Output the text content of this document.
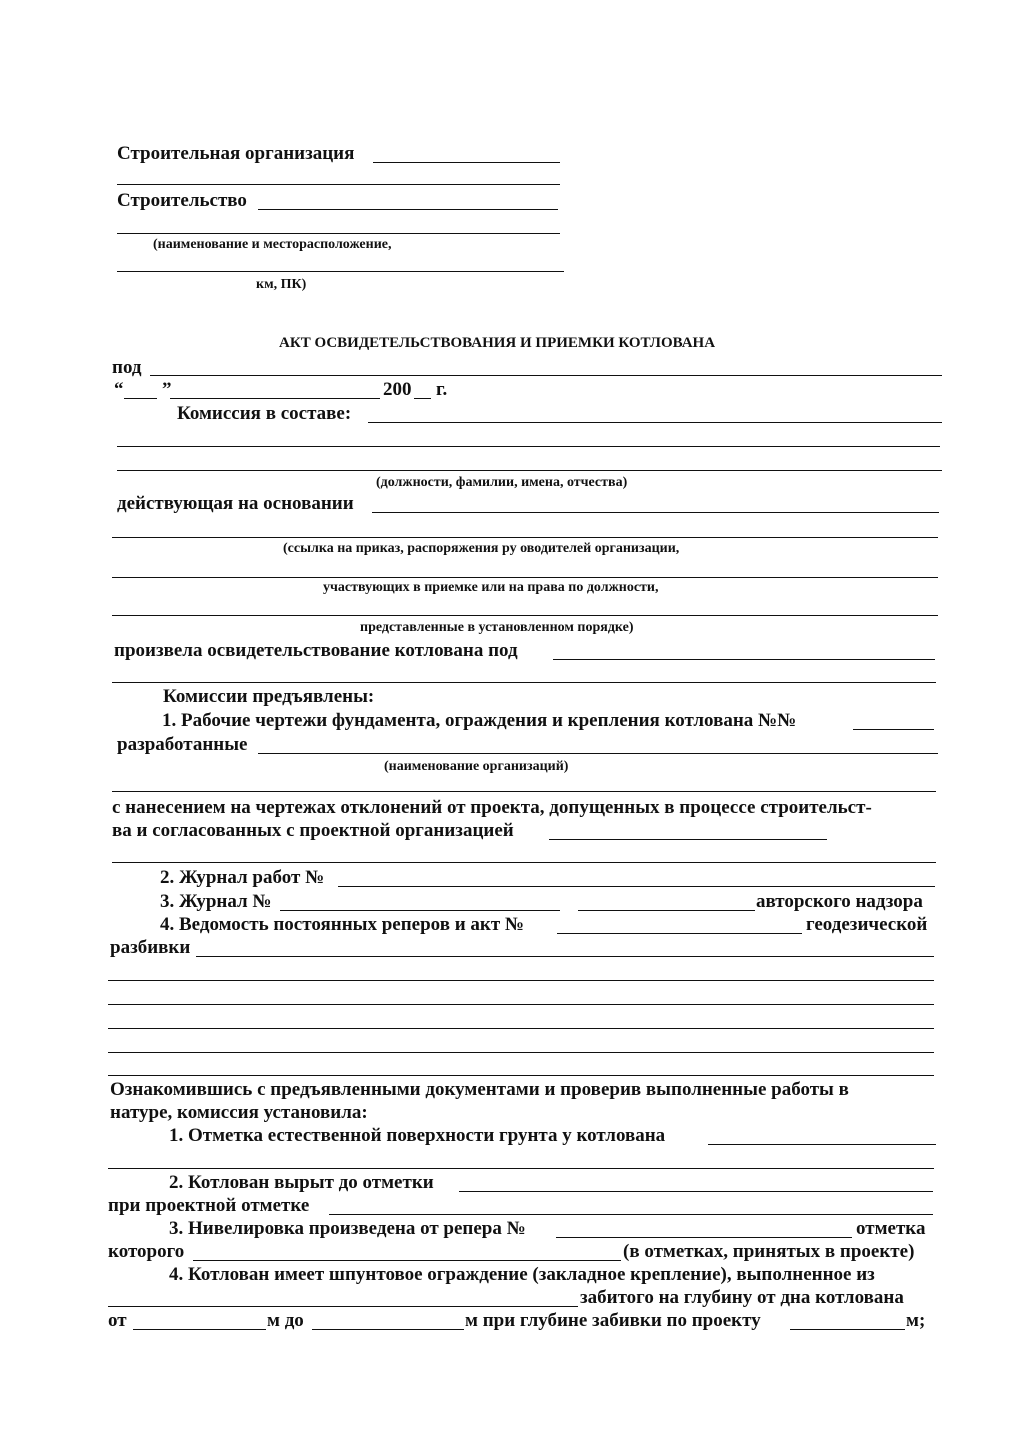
Строительная организация
Строительство
(наименование и месторасположение,
км, ПК)
АКТ ОСВИДЕТЕЛЬСТВОВАНИЯ И ПРИЕМКИ КОТЛОВАНА
под
“ ”	200 г.
Комиссия в составе:
(должности, фамилии, имена, отчества)
действующая на основании
(ссылка на приказ, распоряжения ру оводителей организации,
участвующих в приемке или на права по должности,
представленные в установленном порядке)
произвела освидетельствование котлована под
Комиссии предъявлены:
1. Рабочие чертежи фундамента, ограждения и крепления котлована №№
разработанные
(наименование организаций)
с нанесением на чертежах отклонений от проекта, допущенных в процессе строительст-
ва и согласованных с проектной организацией
2. Журнал работ №
3. Журнал №	авторского надзора
4. Ведомость постоянных реперов и акт №	геодезической
разбивки
Ознакомившись с предъявленными документами и проверив выполненные работы в
натуре, комиссия установила:
1. Отметка естественной поверхности грунта у котлована
2. Котлован вырыт до отметки
при проектной отметке
3. Нивелировка произведена от репера №	отметка
которого	(в отметках, принятых в проекте)
4. Котлован имеет шпунтовое ограждение (закладное крепление), выполненное из
забитого на глубину от дна котлована
от	м до	м при глубине забивки по проекту	м;
